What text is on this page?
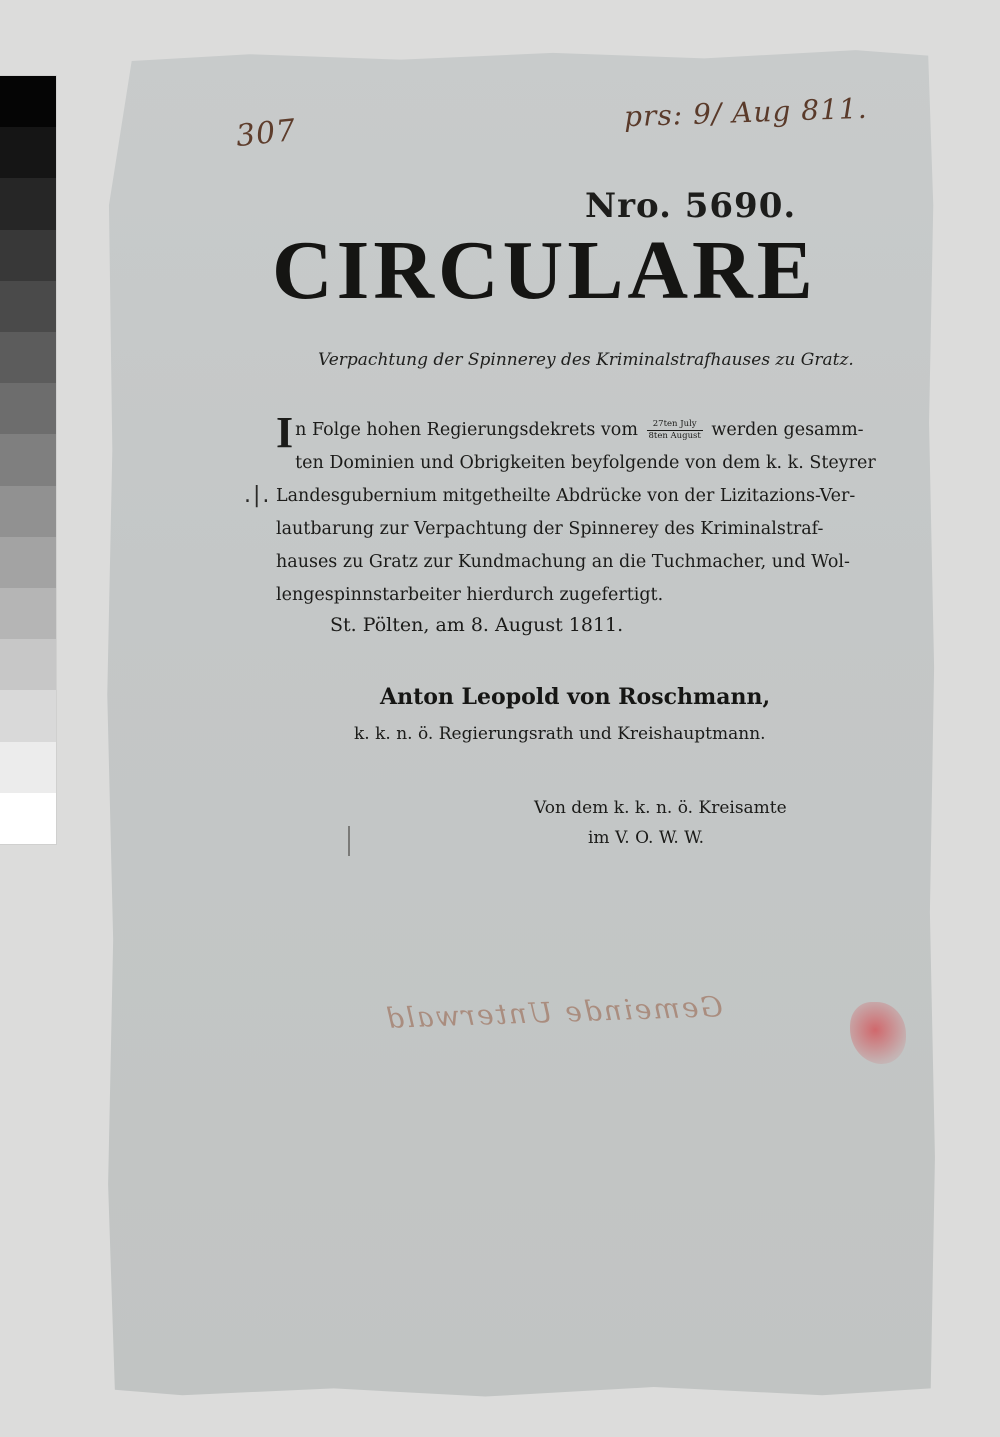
307
prs: 9/ Aug 811.
Nro. 5690.
CIRCULARE
Verpachtung der Spinnerey des Kriminalstrafhauses zu Gratz.
.|.
In Folge hohen Regierungsdekrets vom $\frac{\text{27ten July}}{\text{8ten August}}$ werden gesamm-
ten Dominien und Obrigkeiten beyfolgende von dem k. k. Steyrer
Landesgubernium mitgetheilte Abdrücke von der Lizitazions-Ver-
lautbarung zur Verpachtung der Spinnerey des Kriminalstraf-
hauses zu Gratz zur Kundmachung an die Tuchmacher, und Wol-
lengespinnstarbeiter hierdurch zugefertigt.
St. Pölten, am 8. August 1811.
Anton Leopold von Roschmann,
k. k. n. ö. Regierungsrath und Kreishauptmann.
Von dem k. k. n. ö. Kreisamte
im V. O. W. W.
Gemeinde Unterwald
